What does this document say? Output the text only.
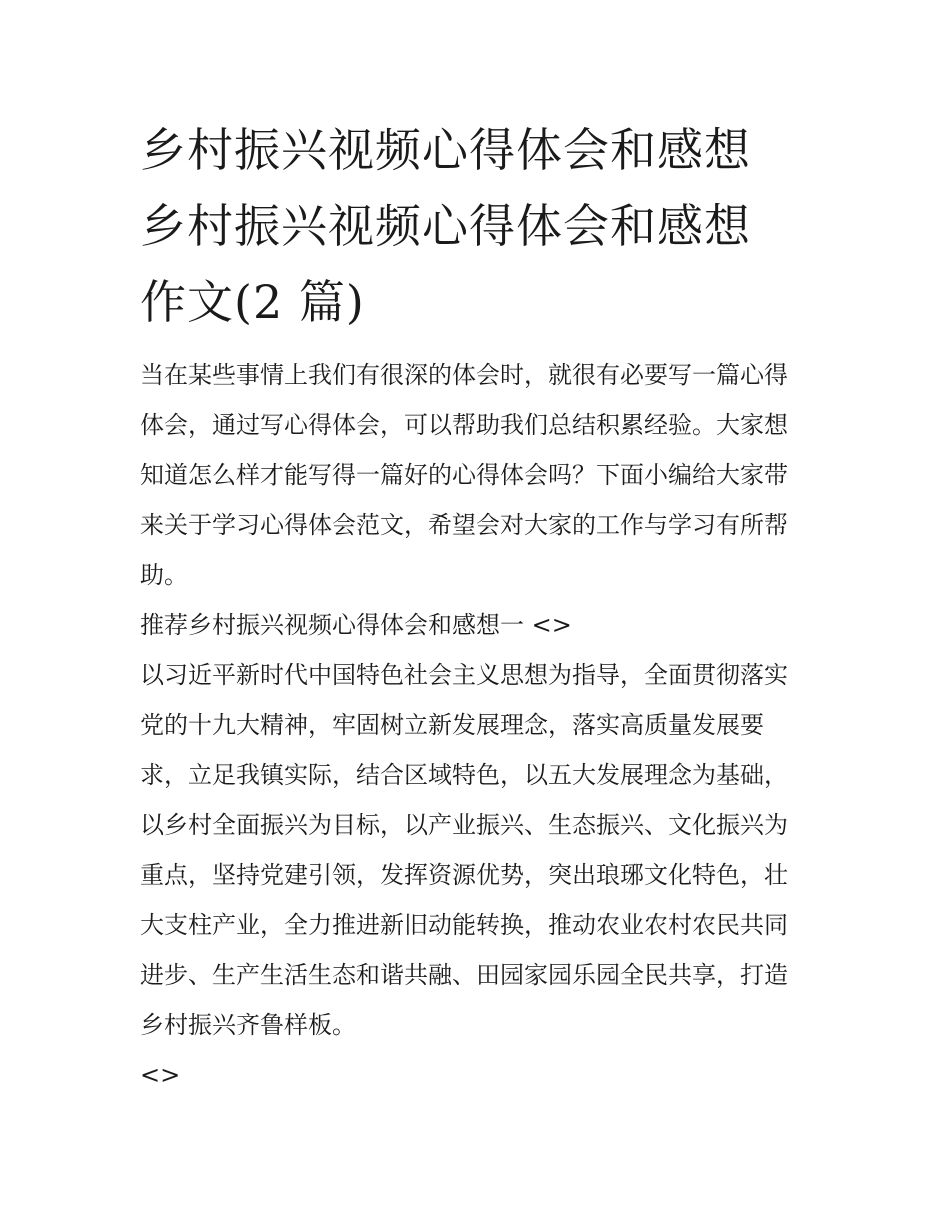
乡村振兴视频心得体会和感想
乡村振兴视频心得体会和感想
作文(2 篇)

当在某些事情上我们有很深的体会时，就很有必要写一篇心得
体会，通过写心得体会，可以帮助我们总结积累经验。大家想
知道怎么样才能写得一篇好的心得体会吗？下面小编给大家带
来关于学习心得体会范文，希望会对大家的工作与学习有所帮
助。

推荐乡村振兴视频心得体会和感想一 <>

以习近平新时代中国特色社会主义思想为指导，全面贯彻落实
党的十九大精神，牢固树立新发展理念，落实高质量发展要
求，立足我镇实际，结合区域特色，以五大发展理念为基础，
以乡村全面振兴为目标，以产业振兴、生态振兴、文化振兴为
重点，坚持党建引领，发挥资源优势，突出琅琊文化特色，壮
大支柱产业，全力推进新旧动能转换，推动农业农村农民共同
进步、生产生活生态和谐共融、田园家园乐园全民共享，打造
乡村振兴齐鲁样板。

<>
